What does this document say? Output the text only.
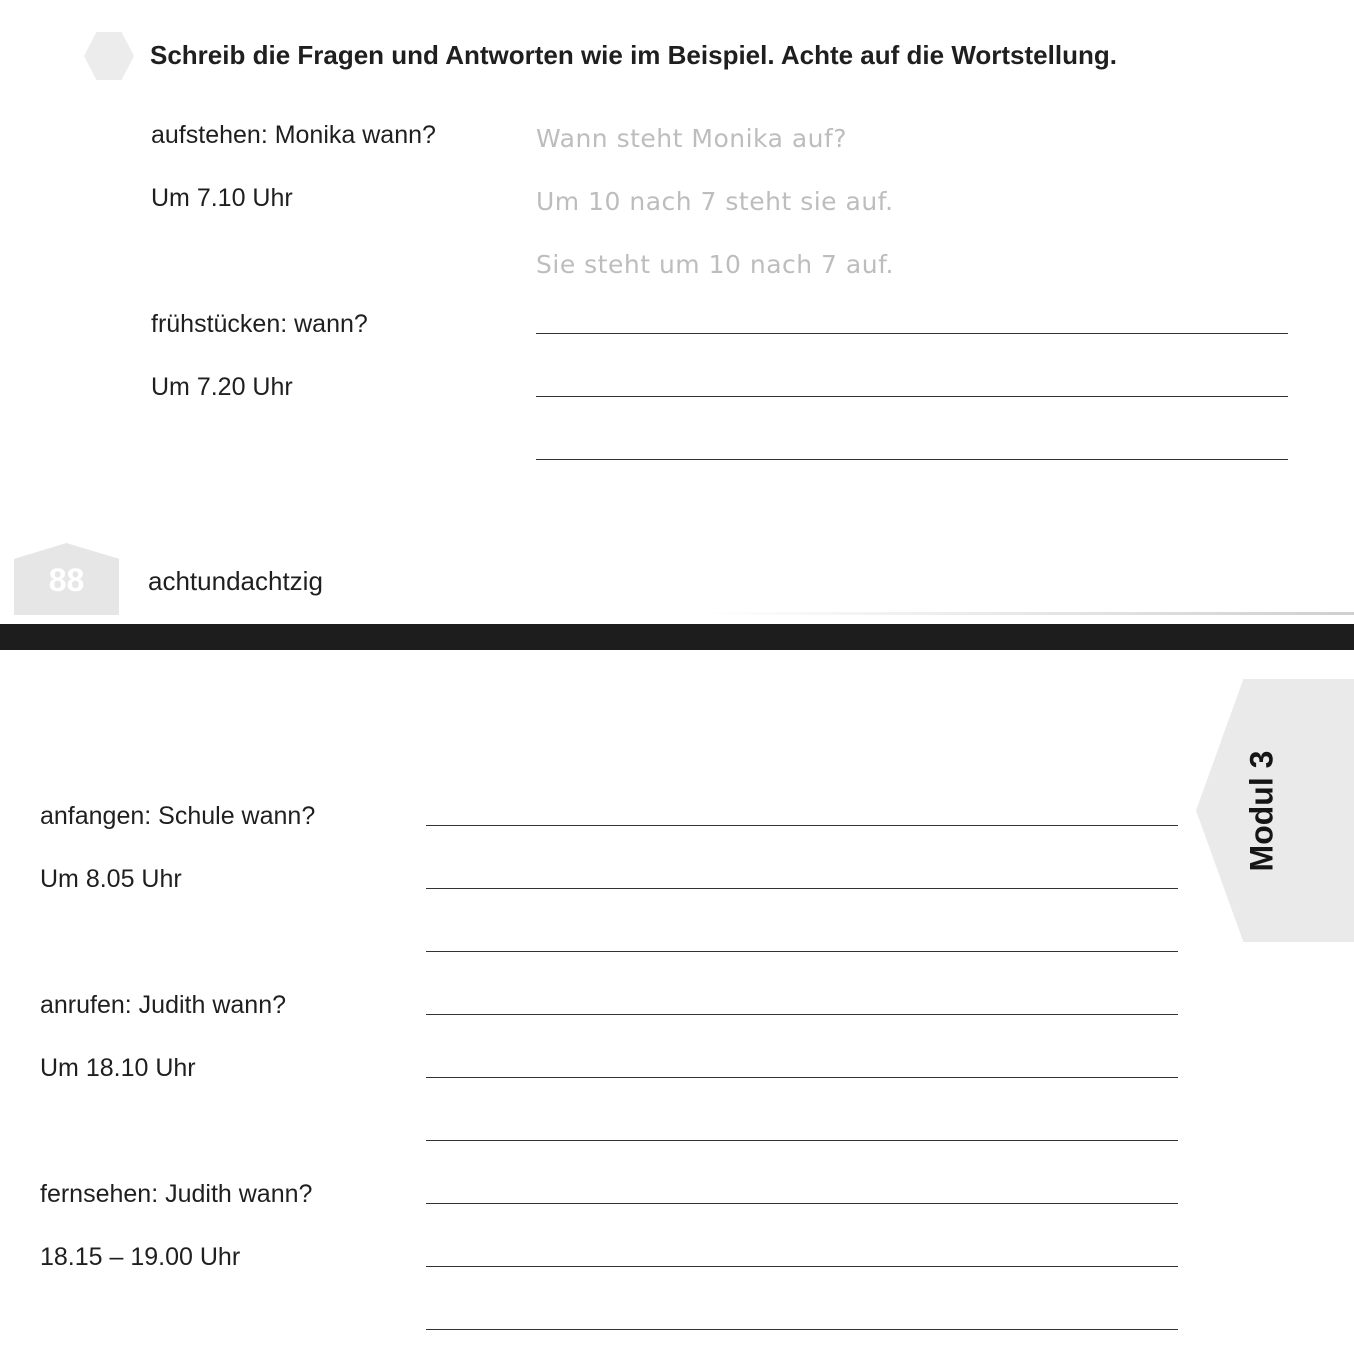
Schreib die Fragen und Antworten wie im Beispiel. Achte auf die Wortstellung.
aufstehen: Monika wann?
Um 7.10 Uhr
Wann steht Monika auf?
Um 10 nach 7 steht sie auf.
Sie steht um 10 nach 7 auf.
frühstücken: wann?
Um 7.20 Uhr
88	achtundachtzig
Modul 3
anfangen: Schule wann?
Um 8.05 Uhr
anrufen: Judith wann?
Um 18.10 Uhr
fernsehen: Judith wann?
18.15 – 19.00 Uhr
